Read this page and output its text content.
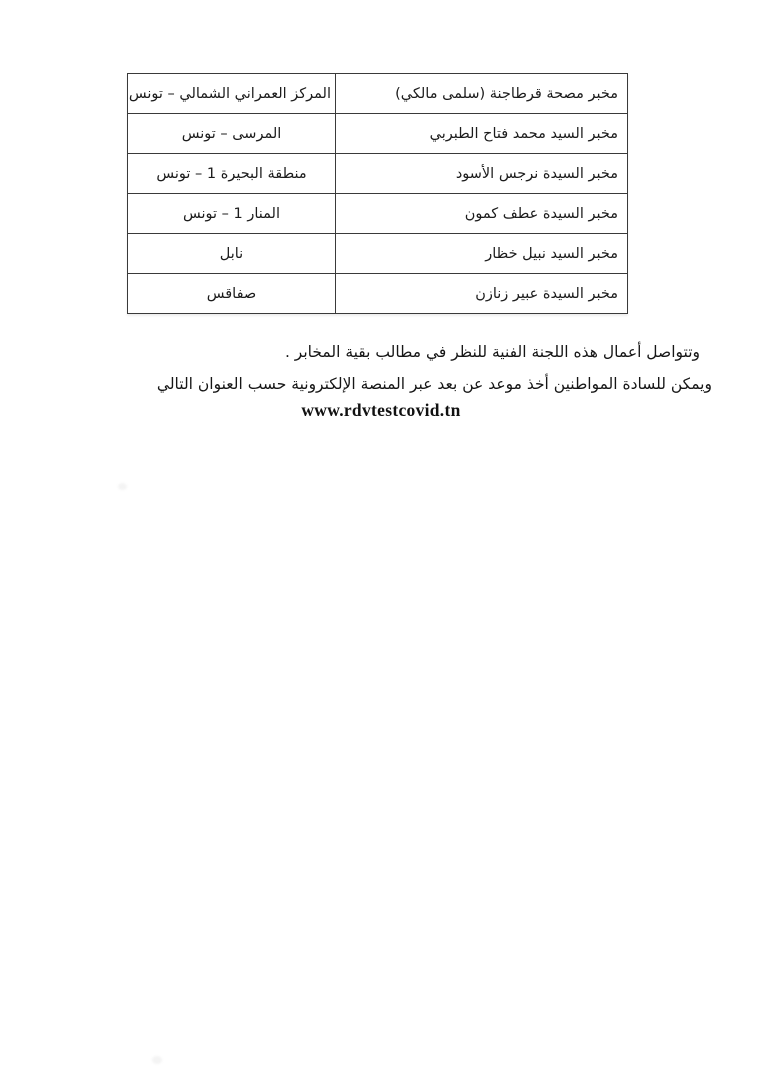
مخبر مصحة قرطاجنة (سلمى مالكي)	المركز العمراني الشمالي – تونس
مخبر السيد محمد فتاح الطبربي	المرسى – تونس
مخبر السيدة نرجس الأسود	منطقة البحيرة 1 – تونس
مخبر السيدة عطف كمون	المنار 1 – تونس
مخبر السيد نبيل خظار	نابل
مخبر السيدة عبير زنازن	صفاقس
وتتواصل أعمال هذه اللجنة الفنية للنظر في مطالب بقية المخابر .
ويمكن للسادة المواطنين أخذ موعد عن بعد عبر المنصة الإلكترونية حسب العنوان التالي
www.rdvtestcovid.tn
